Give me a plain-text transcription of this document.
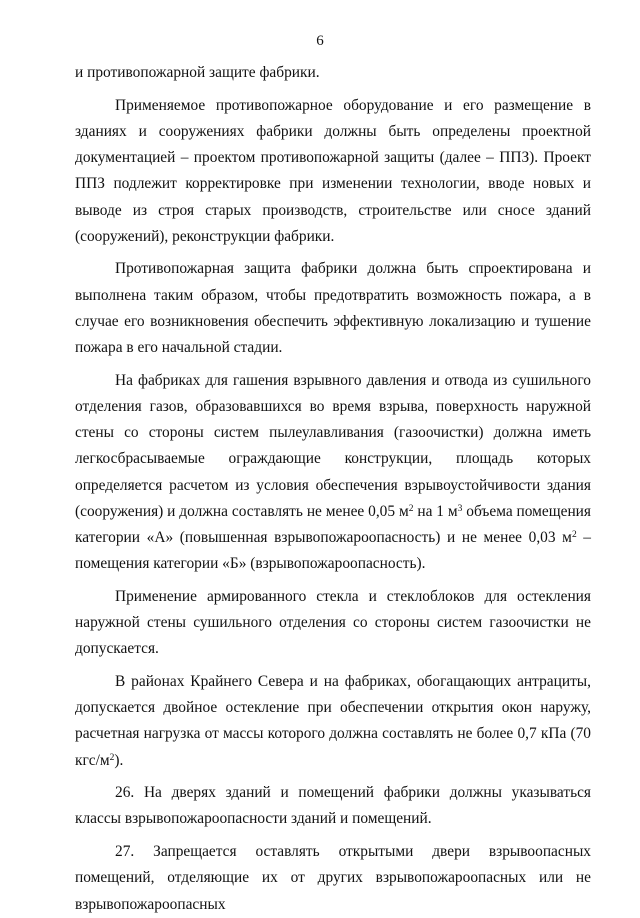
6

и противопожарной защите фабрики.

Применяемое противопожарное оборудование и его размещение в зданиях и сооружениях фабрики должны быть определены проектной документацией – проектом противопожарной защиты (далее – ППЗ). Проект ППЗ подлежит корректировке при изменении технологии, вводе новых и выводе из строя старых производств, строительстве или сносе зданий (сооружений), реконструкции фабрики.

Противопожарная защита фабрики должна быть спроектирована и выполнена таким образом, чтобы предотвратить возможность пожара, а в случае его возникновения обеспечить эффективную локализацию и тушение пожара в его начальной стадии.

На фабриках для гашения взрывного давления и отвода из сушильного отделения газов, образовавшихся во время взрыва, поверхность наружной стены со стороны систем пылеулавливания (газоочистки) должна иметь легкосбрасываемые ограждающие конструкции, площадь которых определяется расчетом из условия обеспечения взрывоустойчивости здания (сооружения) и должна составлять не менее 0,05 $м^2$ на 1 $м^3$ объема помещения категории «А» (повышенная взрывопожароопасность) и не менее 0,03 $м^2$ – помещения категории «Б» (взрывопожароопасность).

Применение армированного стекла и стеклоблоков для остекления наружной стены сушильного отделения со стороны систем газоочистки не допускается.

В районах Крайнего Севера и на фабриках, обогащающих антрациты, допускается двойное остекление при обеспечении открытия окон наружу, расчетная нагрузка от массы которого должна составлять не более 0,7 кПа (70 кгс/$м^2$).

26. На дверях зданий и помещений фабрики должны указываться классы взрывопожароопасности зданий и помещений.

27. Запрещается оставлять открытыми двери взрывоопасных помещений, отделяющие их от других взрывопожароопасных или не взрывопожароопасных
